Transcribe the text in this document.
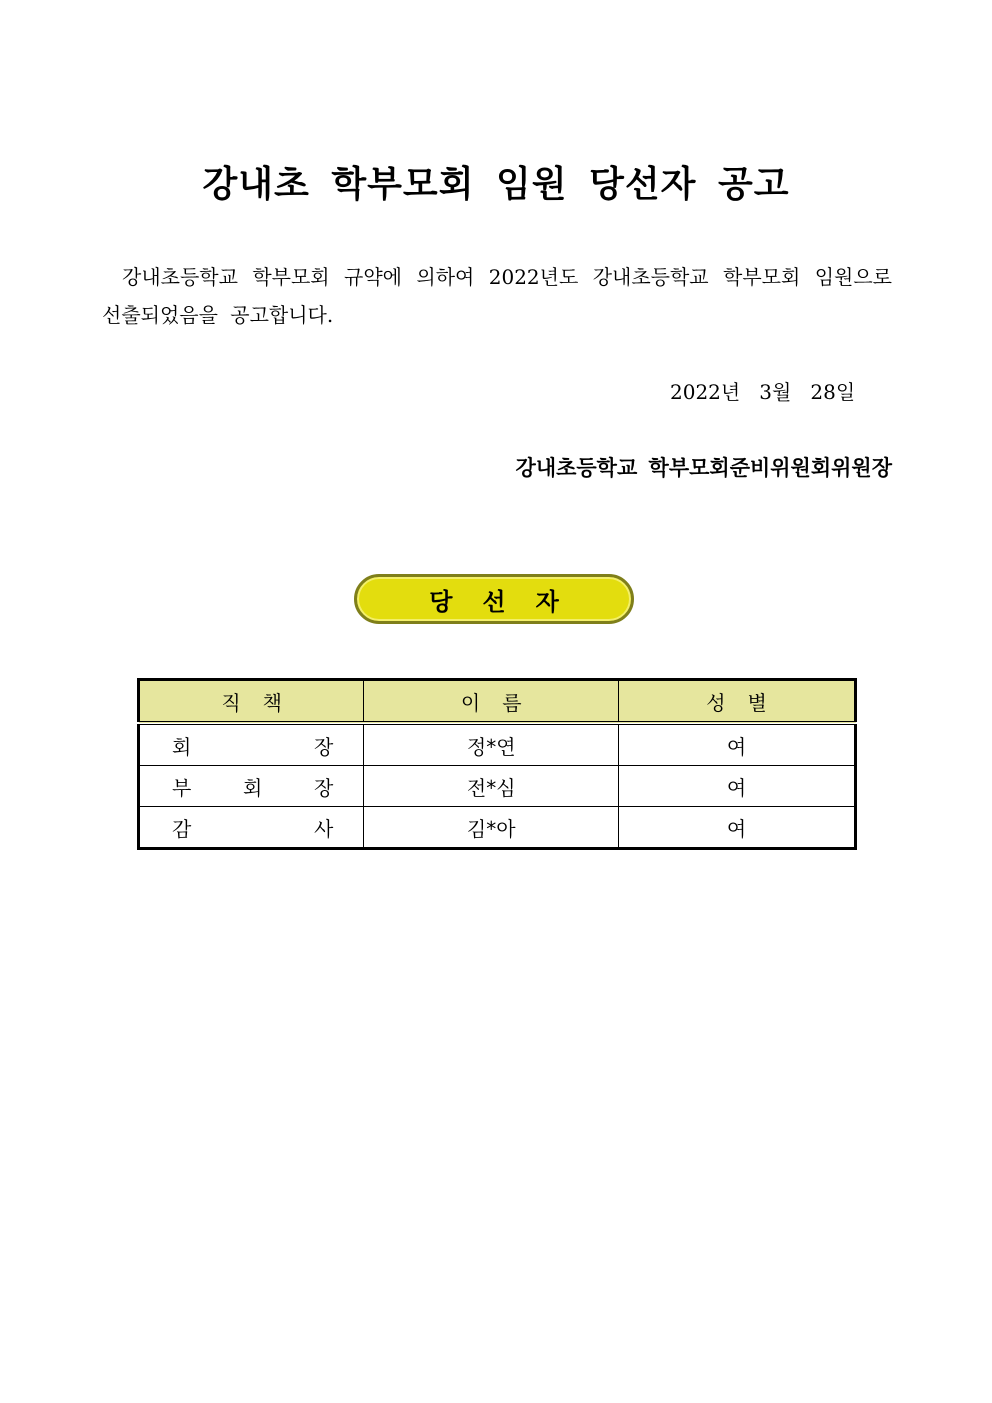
강내초 학부모회 임원 당선자 공고
강내초등학교 학부모회 규약에 의하여 2022년도 강내초등학교 학부모회 임원으로 선출되었음을 공고합니다.
2022년   3월   28일
강내초등학교 학부모회준비위원회위원장
당선자
직책	이름	성별

회 장	정*연	여

부 회 장	전*심	여

감 사	김*아	여
